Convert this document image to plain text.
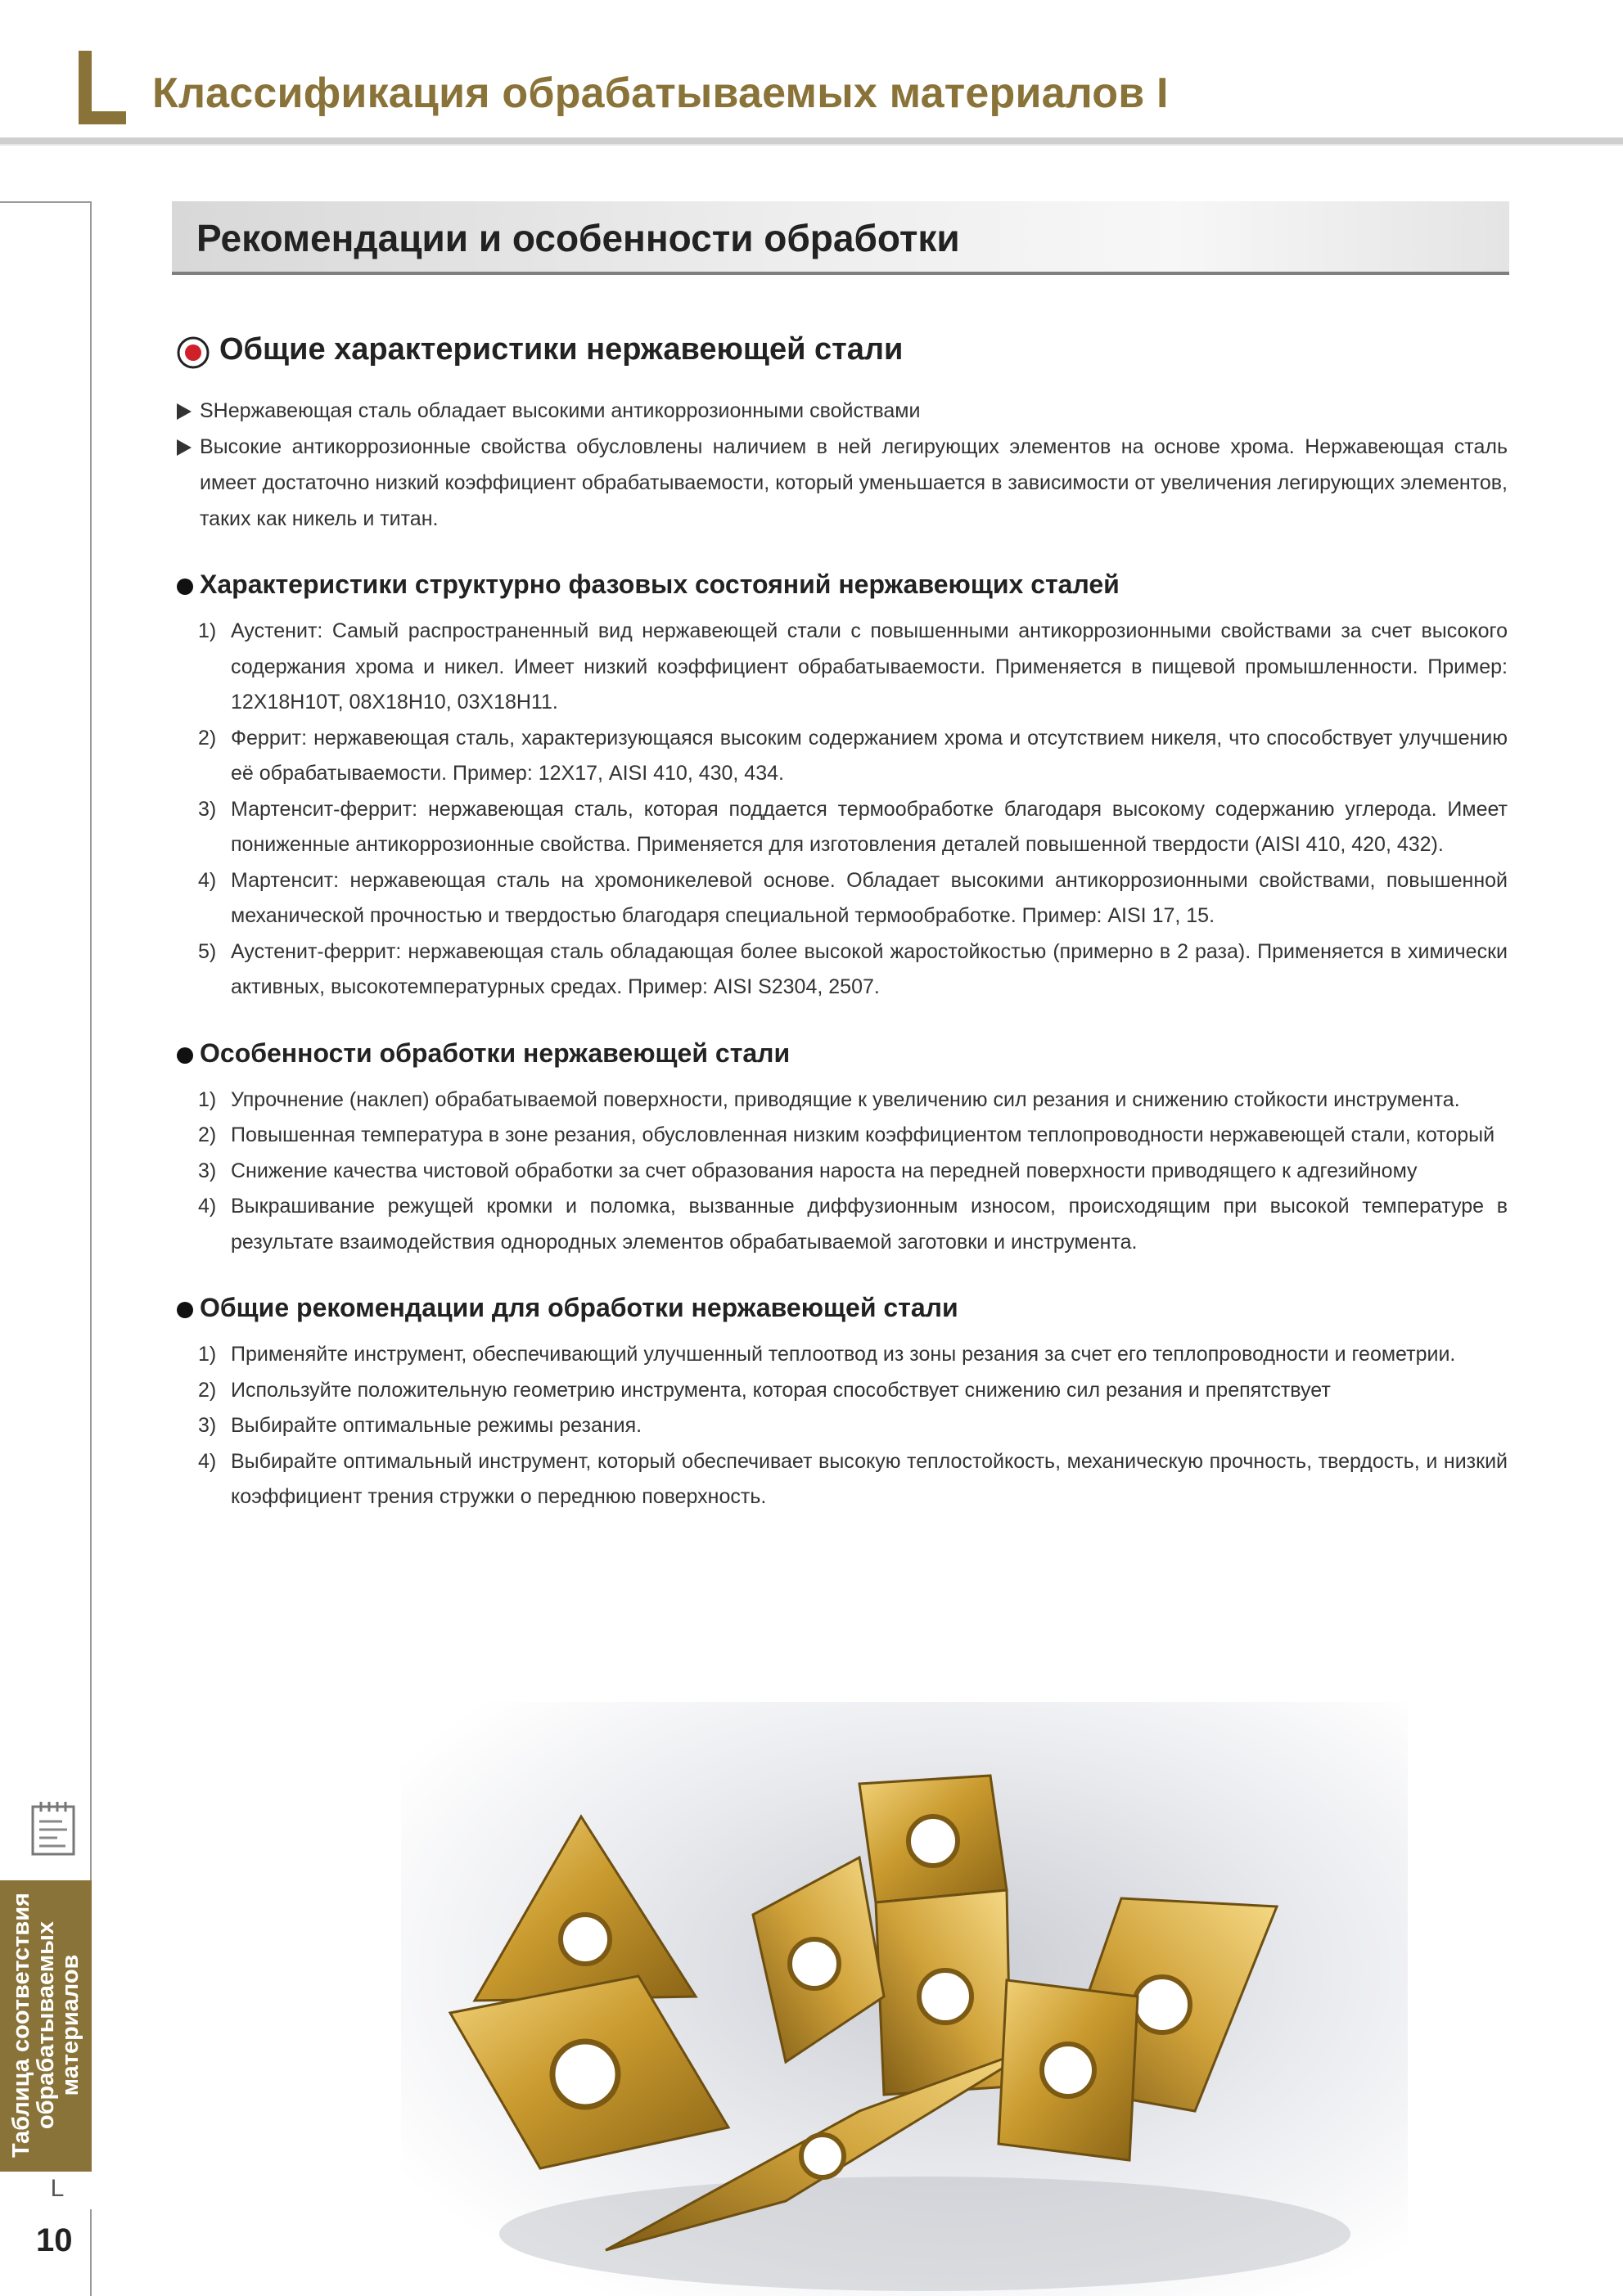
Классификация обрабатываемых материалов I
Таблица соответствия
обрабатываемых
материалов
L
10
Рекомендации и особенности обработки
Общие характеристики нержавеющей стали
SНержавеющая сталь обладает высокими антикоррозионными свойствами
Высокие антикоррозионные свойства обусловлены наличием в ней легирующих элементов на основе хрома. Нержавеющая сталь имеет достаточно низкий коэффициент обрабатываемости, который уменьшается в зависимости от увеличения легирующих элементов, таких как никель и титан.
Характеристики структурно фазовых состояний нержавеющих сталей
1) Аустенит: Самый распространенный вид нержавеющей стали с повышенными антикоррозионными свойствами за счет высокого содержания хрома и никел. Имеет низкий коэффициент обрабатываемости. Применяется в пищевой промышленности. Пример: 12Х18Н10Т, 08Х18Н10, 03Х18Н11.
2) Феррит: нержавеющая сталь, характеризующаяся высоким содержанием хрома и отсутствием никеля, что способствует улучшению её обрабатываемости. Пример: 12Х17, AISI 410, 430, 434.
3) Мартенсит-феррит: нержавеющая сталь, которая поддается термообработке благодаря высокому содержанию углерода. Имеет пониженные антикоррозионные свойства. Применяется для изготовления деталей повышенной твердости (AISI 410, 420, 432).
4) Мартенсит: нержавеющая сталь на хромоникелевой основе. Обладает высокими антикоррозионными свойствами, повышенной механической прочностью и твердостью благодаря специальной термообработке. Пример: AISI 17, 15.
5) Аустенит-феррит: нержавеющая сталь обладающая более высокой жаростойкостью (примерно в 2 раза). Применяется в химически активных, высокотемпературных средах. Пример: AISI S2304, 2507.
Особенности обработки нержавеющей стали
1) Упрочнение (наклеп) обрабатываемой поверхности, приводящие к увеличению сил резания и снижению стойкости инструмента.
2) Повышенная температура в зоне резания, обусловленная низким коэффициентом теплопроводности нержавеющей стали, который
3) Снижение качества чистовой обработки за счет образования нароста на передней поверхности приводящего к адгезийному
4) Выкрашивание режущей кромки и поломка, вызванные диффузионным износом, происходящим при высокой температуре в результате взаимодействия однородных элементов обрабатываемой заготовки и инструмента.
Общие рекомендации для обработки нержавеющей стали
1) Применяйте инструмент, обеспечивающий улучшенный теплоотвод из зоны резания за счет его теплопроводности и геометрии.
2) Используйте положительную геометрию инструмента, которая способствует снижению сил резания и препятствует
3) Выбирайте оптимальные режимы резания.
4) Выбирайте оптимальный инструмент, который обеспечивает высокую теплостойкость, механическую прочность, твердость, и низкий коэффициент трения стружки о переднюю поверхность.
